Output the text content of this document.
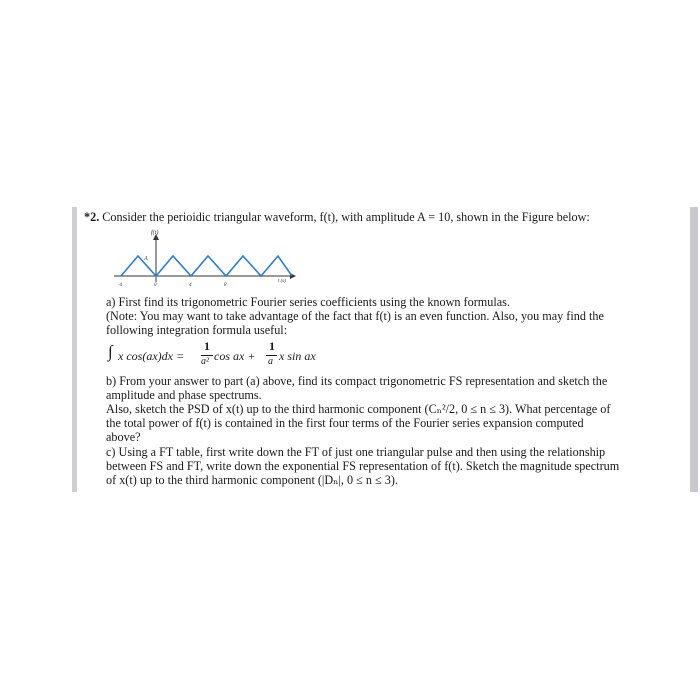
*2. Consider the perioidic triangular waveform, f(t), with amplitude A = 10, shown in the Figure below:
f(t)
A
t (s)
-4	0	4	8

a) First find its trigonometric Fourier series coefficients using the known formulas.

(Note: You may want to take advantage of the fact that f(t) is an even function. Also, you may find the following integration formula useful:

∫ x cos(ax)dx =
1
a² cos ax +
1
a x sin ax

b) From your answer to part (a) above, find its compact trigonometric FS representation and sketch the amplitude and phase spectrums.

Also, sketch the PSD of x(t) up to the third harmonic component (Cₙ²/2, 0 ≤ n ≤ 3). What percentage of the total power of f(t) is contained in the first four terms of the Fourier series expansion computed above?

c) Using a FT table, first write down the FT of just one triangular pulse and then using the relationship between FS and FT, write down the exponential FS representation of f(t). Sketch the magnitude spectrum of x(t) up to the third harmonic component (|Dₙ|, 0 ≤ n ≤ 3).
